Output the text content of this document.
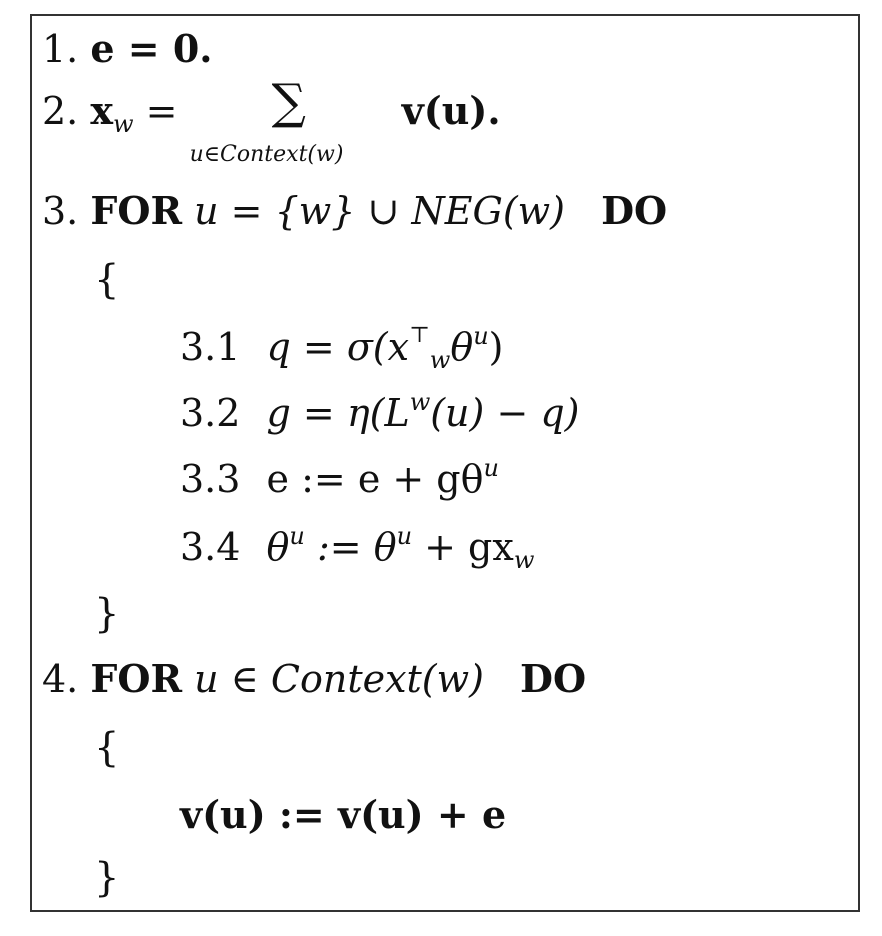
1. e = 0.
2. $x_w$ = ∑
u∈Context(w)
v(u).
3. FOR u = {w} ∪ NEG(w) DO
{
3.1 $q = \sigma(x^⊤_w\theta^u)$
3.2 $g = \eta(L^w(u) - q)$
3.3 e := $e + g\theta^u$
3.4 $\theta^u$ := $\theta^u + gx_w$
}
4. FOR u ∈ Context(w) DO
{
v(u) := v(u) + e
}
